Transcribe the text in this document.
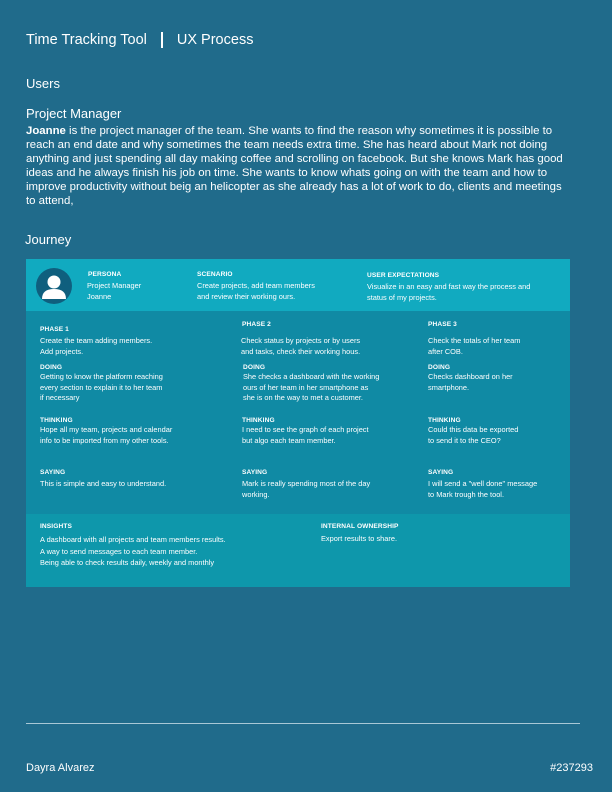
Time Tracking Tool UX Process
Users
Project Manager
Joanne is the project manager of the team. She wants to find the reason why sometimes it is possible to reach an end date and why sometimes the team needs extra time. She has heard about Mark not doing anything and just spending all day making coffee and scrolling on facebook. But she knows Mark has good ideas and he always finish his job on time. She wants to know whats going on with the team and how to improve productivity without beig an helicopter as she already has a lot of work to do, clients and meetings to attend,
Journey
PERSONA
Project Manager
Joanne
SCENARIO
Create projects, add team members
and review their working ours.
USER EXPECTATIONS
Visualize in an easy and fast way the process and
status of my projects.
PHASE 1
Create the team adding members.
Add projects.
DOING
Getting to know the platform reaching
every section to explain it to her team
if necessary
THINKING
Hope all my team, projects and calendar
info to be imported from my other tools.
SAYING
This is simple and easy to understand.
PHASE 2
Check status by projects or by users
and tasks, check their working hous.
DOING
She checks a dashboard with the working
ours of her team in her smartphone as
she is on the way to met a customer.
THINKING
I need to see the graph of each project
but algo each team member.
SAYING
Mark is really spending most of the day
working.
PHASE 3
Check the totals of her team
after COB.
DOING
Checks dashboard on her
smartphone.
THINKING
Could this data be exported
to send it to the CEO?
SAYING
I will send a "well done" message
to Mark trough the tool.
INSIGHTS
A dashboard with all projects and team members results.
A way to send messages to each team member.
Being able to check results daily, weekly and monthly
INTERNAL OWNERSHIP
Export results to share.
Dayra Alvarez	#237293
